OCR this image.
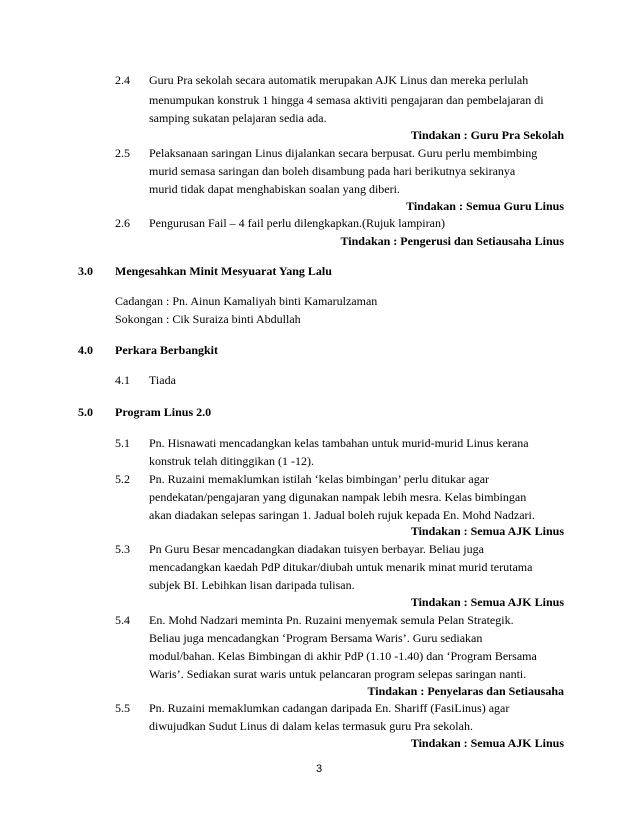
2.4 Guru Pra sekolah secara automatik merupakan AJK Linus dan mereka perlulah
menumpukan konstruk 1 hingga 4 semasa aktiviti pengajaran dan pembelajaran di
samping sukatan pelajaran sedia ada.
Tindakan : Guru Pra Sekolah
2.5 Pelaksanaan saringan Linus dijalankan secara berpusat. Guru perlu membimbing
murid semasa saringan dan boleh disambung pada hari berikutnya sekiranya
murid tidak dapat menghabiskan soalan yang diberi.
Tindakan : Semua Guru Linus
2.6 Pengurusan Fail – 4 fail perlu dilengkapkan.(Rujuk lampiran)
Tindakan : Pengerusi dan Setiausaha Linus
3.0 Mengesahkan Minit Mesyuarat Yang Lalu
Cadangan : Pn. Ainun Kamaliyah binti Kamarulzaman
Sokongan : Cik Suraiza binti Abdullah
4.0 Perkara Berbangkit
4.1 Tiada
5.0 Program Linus 2.0
5.1 Pn. Hisnawati mencadangkan kelas tambahan untuk murid-murid Linus kerana
konstruk telah ditinggikan (1 -12).
5.2 Pn. Ruzaini memaklumkan istilah ‘kelas bimbingan’ perlu ditukar agar
pendekatan/pengajaran yang digunakan nampak lebih mesra. Kelas bimbingan
akan diadakan selepas saringan 1. Jadual boleh rujuk kepada En. Mohd Nadzari.
Tindakan : Semua AJK Linus
5.3 Pn Guru Besar mencadangkan diadakan tuisyen berbayar. Beliau juga
mencadangkan kaedah PdP ditukar/diubah untuk menarik minat murid terutama
subjek BI. Lebihkan lisan daripada tulisan.
Tindakan : Semua AJK Linus
5.4 En. Mohd Nadzari meminta Pn. Ruzaini menyemak semula Pelan Strategik.
Beliau juga mencadangkan ‘Program Bersama Waris’. Guru sediakan
modul/bahan. Kelas Bimbingan di akhir PdP (1.10 -1.40) dan ‘Program Bersama
Waris’. Sediakan surat waris untuk pelancaran program selepas saringan nanti.
Tindakan : Penyelaras dan Setiausaha
5.5 Pn. Ruzaini memaklumkan cadangan daripada En. Shariff (FasiLinus) agar
diwujudkan Sudut Linus di dalam kelas termasuk guru Pra sekolah.
Tindakan : Semua AJK Linus
3
